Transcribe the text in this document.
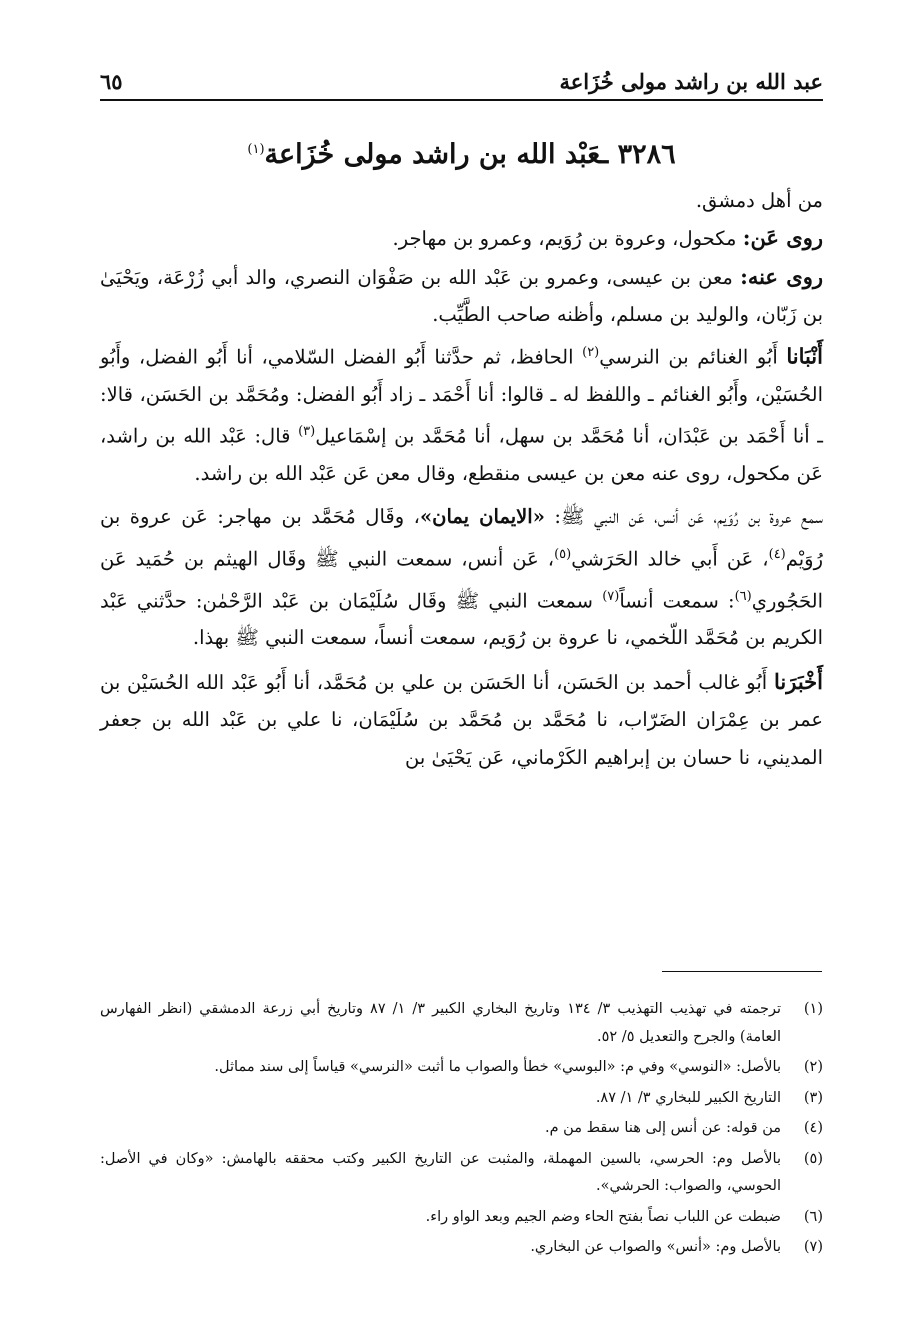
عبد الله بن راشد مولى خُزَاعة
٦٥
٣٢٨٦ ـعَبْد الله بن راشد مولى خُزَاعة$^{(١)}$

من أهل دمشق.

روى عَن: مكحول، وعروة بن رُوَيم، وعمرو بن مهاجر.

روى عنه: معن بن عيسى، وعمرو بن عَبْد الله بن صَفْوَان النصري، والد أبي زُرْعَة، ويَحْيَىٰ بن زَبّان، والوليد بن مسلم، وأظنه صاحب الطَّيِّب.

أَنْبَانا أَبُو الغنائم بن النرسي$^{(٢)}$ الحافظ، ثم حدَّثنا أَبُو الفضل السّلامي، أنا أَبُو الفضل، وأَبُو الحُسَيْن، وأَبُو الغنائم ـ واللفظ له ـ قالوا: أنا أَحْمَد ـ زاد أَبُو الفضل: ومُحَمَّد بن الحَسَن، قالا: ـ أنا أَحْمَد بن عَبْدَان، أنا مُحَمَّد بن سهل، أنا مُحَمَّد بن إسْمَاعيل$^{(٣)}$ قال: عَبْد الله بن راشد، عَن مكحول، روى عنه معن بن عيسى منقطع، وقال معن عَن عَبْد الله بن راشد.

سمع عروة بن رُوَيم، عَن أنس، عَن النبي ﷺ: «الايمان يمان»، وقَال مُحَمَّد بن مهاجر: عَن عروة بن رُوَيْم$^{(٤)}$، عَن أَبي خالد الحَرَشي$^{(٥)}$، عَن أنس، سمعت النبي ﷺ وقَال الهيثم بن حُمَيد عَن الحَجُوري$^{(٦)}$: سمعت أنساً$^{(٧)}$ سمعت النبي ﷺ وقَال سُلَيْمَان بن عَبْد الرَّحْمٰن: حدَّثني عَبْد الكريم بن مُحَمَّد اللّخمي، نا عروة بن رُوَيم، سمعت أنساً، سمعت النبي ﷺ بهذا.

أَخْبَرَنا أَبُو غالب أحمد بن الحَسَن، أنا الحَسَن بن علي بن مُحَمَّد، أنا أَبُو عَبْد الله الحُسَيْن بن عمر بن عِمْرَان الضَرّاب، نا مُحَمَّد بن مُحَمَّد بن سُلَيْمَان، نا علي بن عَبْد الله بن جعفر المديني، نا حسان بن إبراهيم الكَرْماني، عَن يَحْيَىٰ بن

(١)
ترجمته في تهذيب التهذيب ٣/ ١٣٤ وتاريخ البخاري الكبير ٣/ ١/ ٨٧ وتاريخ أبي زرعة الدمشقي (انظر الفهارس العامة) والجرح والتعديل ٥/ ٥٢.
(٢)
بالأصل: «النوسي» وفي م: «البوسي» خطأ والصواب ما أثبت «النرسي» قياساً إلى سند مماثل.
(٣)
التاريخ الكبير للبخاري ٣/ ١/ ٨٧.
(٤)
من قوله: عن أنس إلى هنا سقط من م.
(٥)
بالأصل وم: الحرسي، بالسين المهملة، والمثبت عن التاريخ الكبير وكتب محققه بالهامش: «وكان في الأصل: الحوسي، والصواب: الحرشي».
(٦)
ضبطت عن اللباب نصاً بفتح الحاء وضم الجيم وبعد الواو راء.
(٧)
بالأصل وم: «أنس» والصواب عن البخاري.
